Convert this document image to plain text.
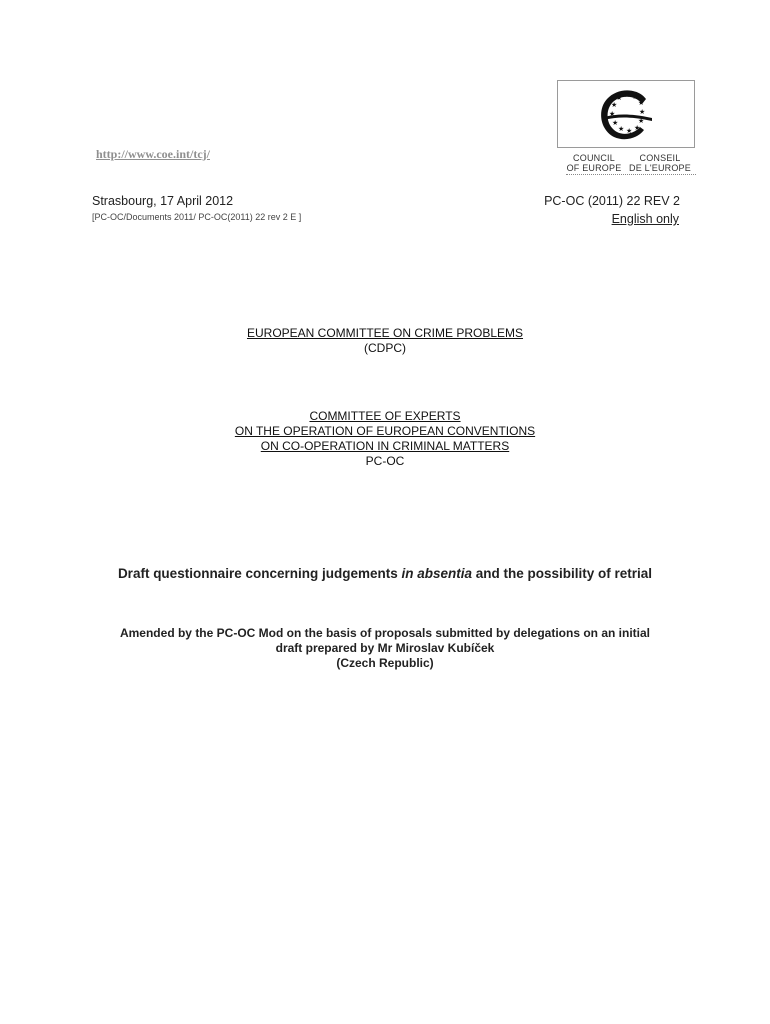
★ ★
★
★
★
★	★
★
★ ★ ★
★
COUNCIL
OF EUROPE
CONSEIL
DE L'EUROPE
http://www.coe.int/tcj/
Strasbourg, 17 April 2012
[PC-OC/Documents 2011/ PC-OC(2011) 22 rev 2 E ]
PC-OC (2011) 22 REV 2
English only
EUROPEAN COMMITTEE ON CRIME PROBLEMS
(CDPC)
COMMITTEE OF EXPERTS
ON THE OPERATION OF EUROPEAN CONVENTIONS
ON CO-OPERATION IN CRIMINAL MATTERS
PC-OC
Draft questionnaire concerning judgements in absentia and the possibility of retrial
Amended by the PC-OC Mod on the basis of proposals submitted by delegations on an initial
draft prepared by Mr Miroslav Kubíček
(Czech Republic)
